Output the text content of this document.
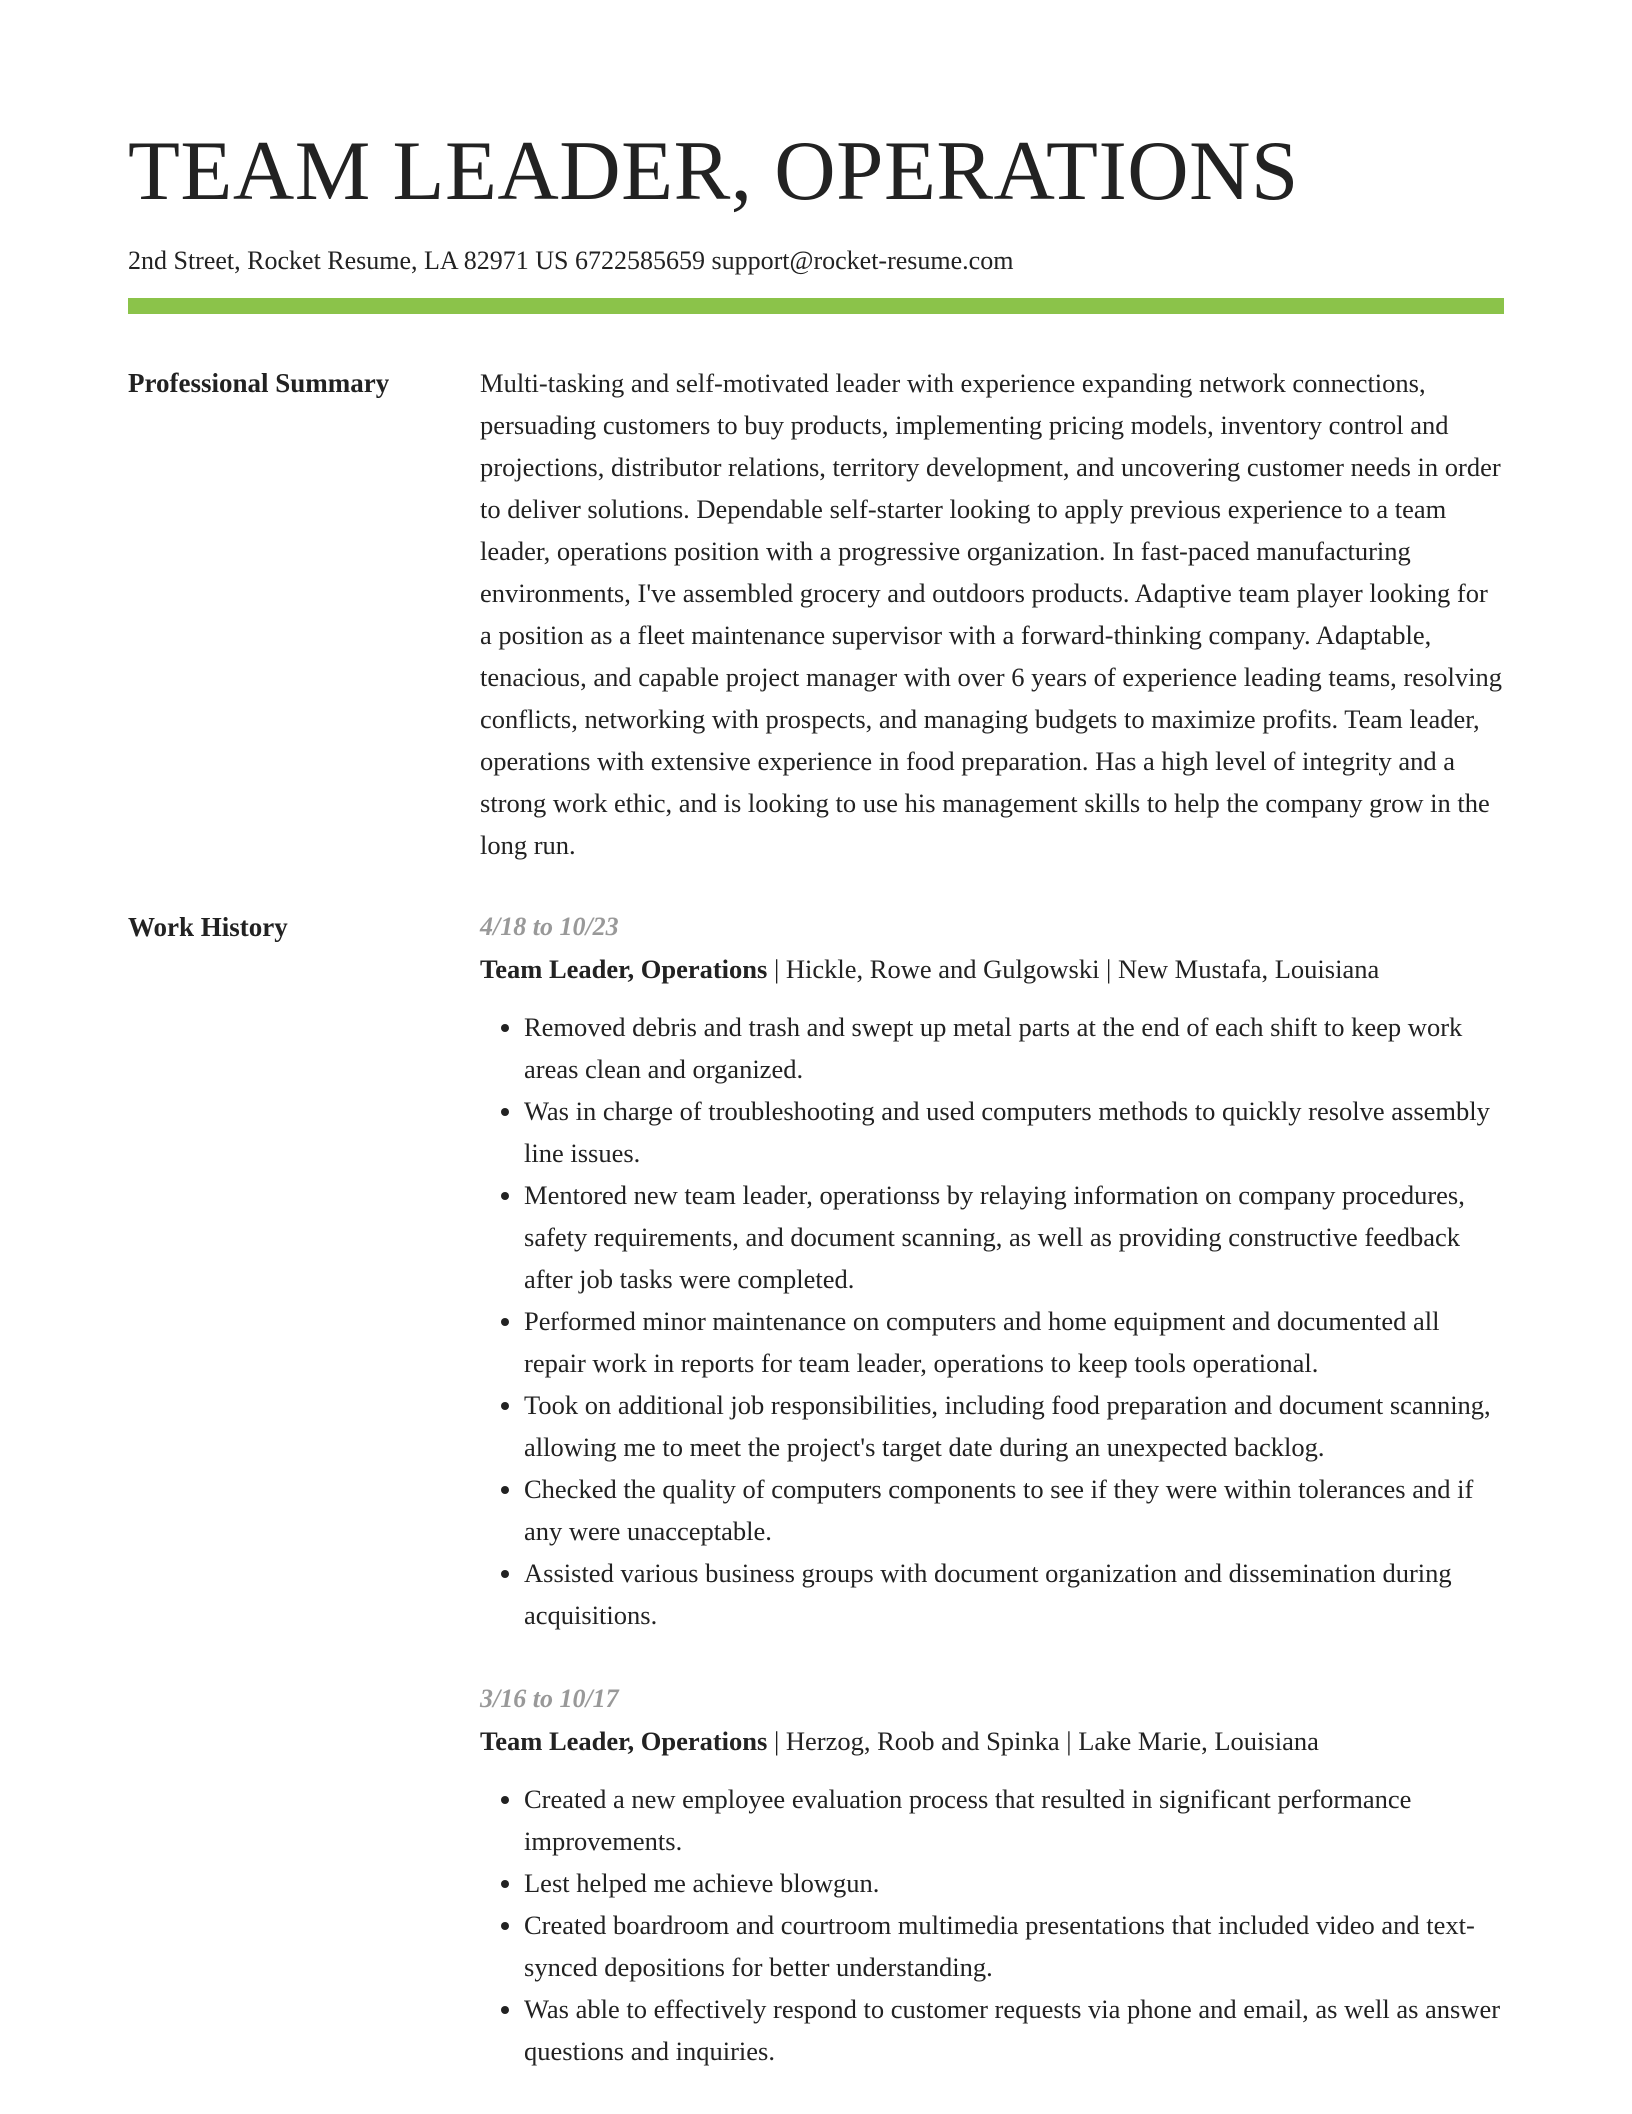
TEAM LEADER, OPERATIONS
2nd Street, Rocket Resume, LA 82971 US 6722585659 support@rocket-resume.com
Professional Summary	Multi-tasking and self-motivated leader with experience expanding network connections, persuading customers to buy products, implementing pricing models, inventory control and projections, distributor relations, territory development, and uncovering customer needs in order to deliver solutions. Dependable self-starter looking to apply previous experience to a team leader, operations position with a progressive organization. In fast-paced manufacturing environments, I've assembled grocery and outdoors products. Adaptive team player looking for a position as a fleet maintenance supervisor with a forward-thinking company. Adaptable, tenacious, and capable project manager with over 6 years of experience leading teams, resolving conflicts, networking with prospects, and managing budgets to maximize profits. Team leader, operations with extensive experience in food preparation. Has a high level of integrity and a strong work ethic, and is looking to use his management skills to help the company grow in the long run.

Work History	4/18 to 10/23
Team Leader, Operations | Hickle, Rowe and Gulgowski | New Mustafa, Louisiana
• Removed debris and trash and swept up metal parts at the end of each shift to keep work areas clean and organized.
• Was in charge of troubleshooting and used computers methods to quickly resolve assembly line issues.
• Mentored new team leader, operationss by relaying information on company procedures, safety requirements, and document scanning, as well as providing constructive feedback after job tasks were completed.
• Performed minor maintenance on computers and home equipment and documented all repair work in reports for team leader, operations to keep tools operational.
• Took on additional job responsibilities, including food preparation and document scanning, allowing me to meet the project's target date during an unexpected backlog.
• Checked the quality of computers components to see if they were within tolerances and if any were unacceptable.
• Assisted various business groups with document organization and dissemination during acquisitions.
3/16 to 10/17
Team Leader, Operations | Herzog, Roob and Spinka | Lake Marie, Louisiana
• Created a new employee evaluation process that resulted in significant performance improvements.
• Lest helped me achieve blowgun.
• Created boardroom and courtroom multimedia presentations that included video and text-synced depositions for better understanding.
• Was able to effectively respond to customer requests via phone and email, as well as answer questions and inquiries.
